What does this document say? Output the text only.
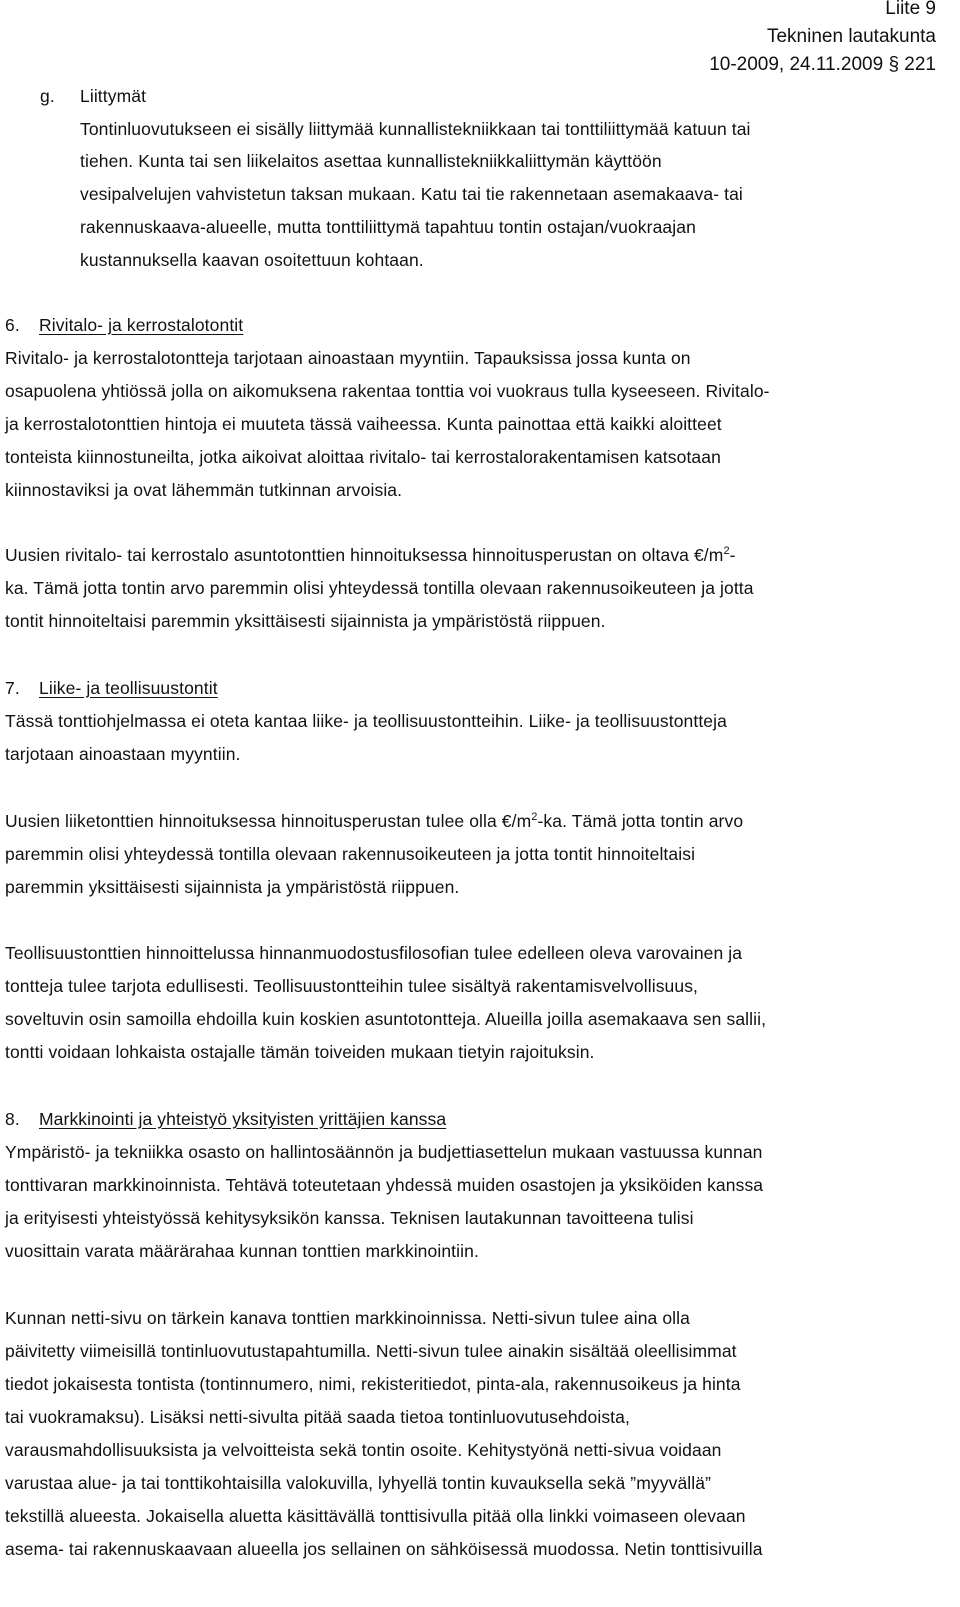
Liite 9
Tekninen lautakunta
10-2009, 24.11.2009 § 221
g. Liittymät
Tontinluovutukseen ei sisälly liittymää kunnallistekniikkaan tai tonttiliittymää katuun tai
tiehen. Kunta tai sen liikelaitos asettaa kunnallistekniikkaliittymän käyttöön
vesipalvelujen vahvistetun taksan mukaan. Katu tai tie rakennetaan asemakaava- tai
rakennuskaava-alueelle, mutta tonttiliittymä tapahtuu tontin ostajan/vuokraajan
kustannuksella kaavan osoitettuun kohtaan.
6. Rivitalo- ja kerrostalotontit
Rivitalo- ja kerrostalotontteja tarjotaan ainoastaan myyntiin. Tapauksissa jossa kunta on
osapuolena yhtiössä jolla on aikomuksena rakentaa tonttia voi vuokraus tulla kyseeseen. Rivitalo-
ja kerrostalotonttien hintoja ei muuteta tässä vaiheessa. Kunta painottaa että kaikki aloitteet
tonteista kiinnostuneilta, jotka aikoivat aloittaa rivitalo- tai kerrostalorakentamisen katsotaan
kiinnostaviksi ja ovat lähemmän tutkinnan arvoisia.
Uusien rivitalo- tai kerrostalo asuntotonttien hinnoituksessa hinnoitusperustan on oltava $€/m^2-$
ka. Tämä jotta tontin arvo paremmin olisi yhteydessä tontilla olevaan rakennusoikeuteen ja jotta
tontit hinnoiteltaisi paremmin yksittäisesti sijainnista ja ympäristöstä riippuen.
7. Liike- ja teollisuustontit
Tässä tonttiohjelmassa ei oteta kantaa liike- ja teollisuustontteihin. Liike- ja teollisuustontteja
tarjotaan ainoastaan myyntiin.
Uusien liiketonttien hinnoituksessa hinnoitusperustan tulee olla $€/m^2-ka$. Tämä jotta tontin arvo
paremmin olisi yhteydessä tontilla olevaan rakennusoikeuteen ja jotta tontit hinnoiteltaisi
paremmin yksittäisesti sijainnista ja ympäristöstä riippuen.
Teollisuustonttien hinnoittelussa hinnanmuodostusfilosofian tulee edelleen oleva varovainen ja
tontteja tulee tarjota edullisesti. Teollisuustontteihin tulee sisältyä rakentamisvelvollisuus,
soveltuvin osin samoilla ehdoilla kuin koskien asuntotontteja. Alueilla joilla asemakaava sen sallii,
tontti voidaan lohkaista ostajalle tämän toiveiden mukaan tietyin rajoituksin.
8. Markkinointi ja yhteistyö yksityisten yrittäjien kanssa
Ympäristö- ja tekniikka osasto on hallintosäännön ja budjettiasettelun mukaan vastuussa kunnan
tonttivaran markkinoinnista. Tehtävä toteutetaan yhdessä muiden osastojen ja yksiköiden kanssa
ja erityisesti yhteistyössä kehitysyksikön kanssa. Teknisen lautakunnan tavoitteena tulisi
vuosittain varata määrärahaa kunnan tonttien markkinointiin.
Kunnan netti-sivu on tärkein kanava tonttien markkinoinnissa. Netti-sivun tulee aina olla
päivitetty viimeisillä tontinluovutustapahtumilla. Netti-sivun tulee ainakin sisältää oleellisimmat
tiedot jokaisesta tontista (tontinnumero, nimi, rekisteritiedot, pinta-ala, rakennusoikeus ja hinta
tai vuokramaksu). Lisäksi netti-sivulta pitää saada tietoa tontinluovutusehdoista,
varausmahdollisuuksista ja velvoitteista sekä tontin osoite. Kehitystyönä netti-sivua voidaan
varustaa alue- ja tai tonttikohtaisilla valokuvilla, lyhyellä tontin kuvauksella sekä ”myyvällä”
tekstillä alueesta. Jokaisella aluetta käsittävällä tonttisivulla pitää olla linkki voimaseen olevaan
asema- tai rakennuskaavaan alueella jos sellainen on sähköisessä muodossa. Netin tonttisivuilla
